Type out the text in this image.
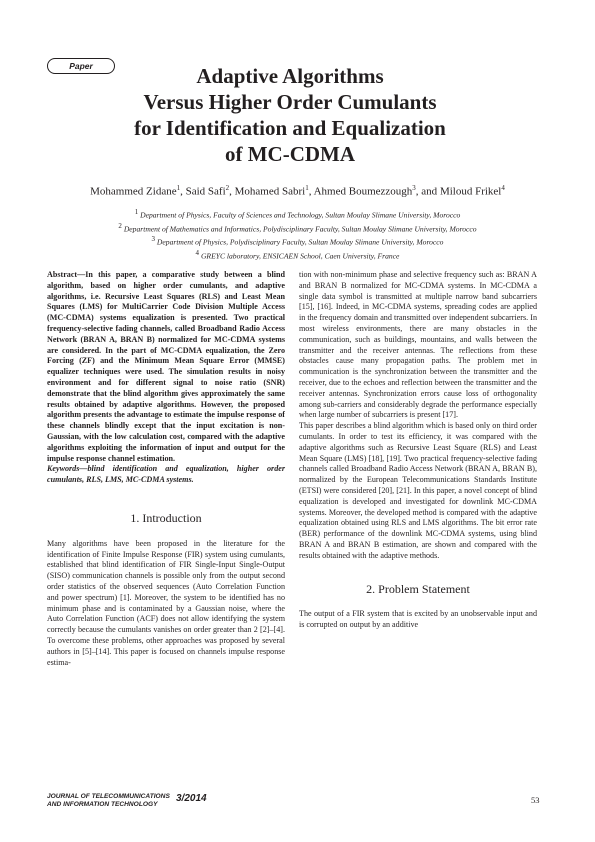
Paper	Adaptive Algorithms
Versus Higher Order Cumulants
for Identification and Equalization
of MC-CDMA
Mohammed Zidane$^1$, Said Safi$^2$, Mohamed Sabri$^1$, Ahmed Boumezzough$^3$, and Miloud Frikel$^4$
$^1$ Department of Physics, Faculty of Sciences and Technology, Sultan Moulay Slimane University, Morocco
$^2$ Department of Mathematics and Informatics, Polydisciplinary Faculty, Sultan Moulay Slimane University, Morocco
$^3$ Department of Physics, Polydisciplinary Faculty, Sultan Moulay Slimane University, Morocco
$^4$ GREYC laboratory, ENSICAEN School, Caen University, France

Abstract—In this paper, a comparative study between a blind algorithm, based on higher order cumulants, and adaptive algorithms, i.e. Recursive Least Squares (RLS) and Least Mean Squares (LMS) for MultiCarrier Code Division Multiple Access (MC-CDMA) systems equalization is presented. Two practical frequency-selective fading channels, called Broadband Radio Access Network (BRAN A, BRAN B) normalized for MC-CDMA systems are considered. In the part of MC-CDMA equalization, the Zero Forcing (ZF) and the Minimum Mean Square Error (MMSE) equalizer techniques were used. The simulation results in noisy environment and for different signal to noise ratio (SNR) demonstrate that the blind algorithm gives approximately the same results obtained by adaptive algorithms. However, the proposed algorithm presents the advantage to estimate the impulse response of these channels blindly except that the input excitation is non-Gaussian, with the low calculation cost, compared with the adaptive algorithms exploiting the information of input and output for the impulse response channel estimation.

Keywords—blind identification and equalization, higher order cumulants, RLS, LMS, MC-CDMA systems.

1. Introduction

Many algorithms have been proposed in the literature for the identification of Finite Impulse Response (FIR) system using cumulants, established that blind identification of FIR Single-Input Single-Output (SISO) communication channels is possible only from the output second order statistics of the observed sequences (Auto Correlation Function and power spectrum) [1]. Moreover, the system to be identified has no minimum phase and is contaminated by a Gaussian noise, where the Auto Correlation Function (ACF) does not allow identifying the system correctly because the cumulants vanishes on order greater than 2 [2]–[4]. To overcome these problems, other approaches was proposed by several authors in [5]–[14]. This paper is focused on channels impulse response estima-

tion with non-minimum phase and selective frequency such as: BRAN A and BRAN B normalized for MC-CDMA systems. In MC-CDMA a single data symbol is transmitted at multiple narrow band subcarriers [15], [16]. Indeed, in MC-CDMA systems, spreading codes are applied in the frequency domain and transmitted over independent subcarriers. In most wireless environments, there are many obstacles in the communication, such as buildings, mountains, and walls between the transmitter and the receiver antennas. The reflections from these obstacles cause many propagation paths. The problem met in communication is the synchronization between the transmitter and the receiver, due to the echoes and reflection between the transmitter and the receiver antennas. Synchronization errors cause loss of orthogonality among sub-carriers and considerably degrade the performance especially when large number of subcarriers is present [17].

This paper describes a blind algorithm which is based only on third order cumulants. In order to test its efficiency, it was compared with the adaptive algorithms such as Recursive Least Square (RLS) and Least Mean Square (LMS) [18], [19]. Two practical frequency-selective fading channels called Broadband Radio Access Network (BRAN A, BRAN B), normalized by the European Telecommunications Standards Institute (ETSI) were considered [20], [21]. In this paper, a novel concept of blind equalization is developed and investigated for downlink MC-CDMA systems. Moreover, the developed method is compared with the adaptive equalization obtained using RLS and LMS algorithms. The bit error rate (BER) performance of the downlink MC-CDMA systems, using blind BRAN A and BRAN B estimation, are shown and compared with the results obtained with the adaptive methods.

2. Problem Statement

The output of a FIR system that is excited by an unobservable input and is corrupted on output by an additive

JOURNAL OF TELECOMMUNICATIONS
AND INFORMATION TECHNOLOGY	3/2014	53
